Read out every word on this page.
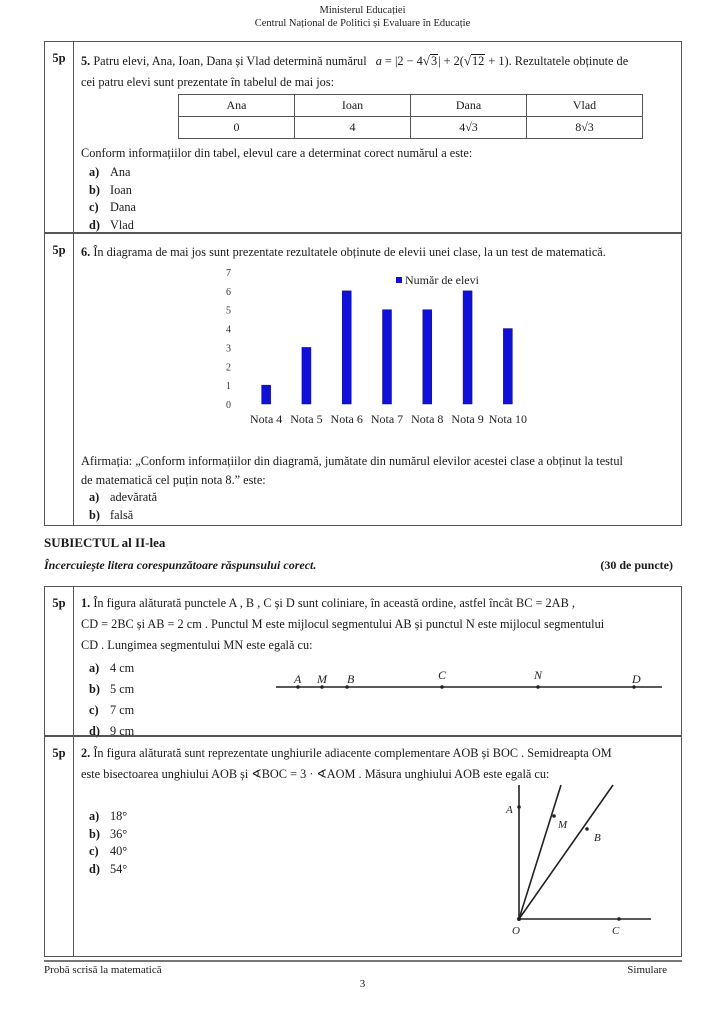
Ministerul Educației
Centrul Național de Politici și Evaluare în Educație
5p	5. Patru elevi, Ana, Ioan, Dana și Vlad determină numărul a = |2 − 4√3| + 2(√12 + 1). Rezultatele obținute de
cei patru elevi sunt prezentate în tabelul de mai jos:
Ana	Ioan	Dana	Vlad
0	4	4√3	8√3
Conform informațiilor din tabel, elevul care a determinat corect numărul a este:
a) Ana
b) Ioan
c) Dana
d) Vlad
5p	6. În diagrama de mai jos sunt prezentate rezultatele obținute de elevii unei clase, la un test de matematică.
0
1
2
3
4
5
6
7
Nota 4 Nota 5 Nota 6 Nota 7 Nota 8 Nota 9 Nota 10
Număr de elevi
Afirmația: „Conform informațiilor din diagramă, jumătate din numărul elevilor acestei clase a obținut la testul
de matematică cel puțin nota 8.” este:
a) adevărată
b) falsă
SUBIECTUL al II-lea
Încercuiește litera corespunzătoare răspunsului corect.	(30 de puncte)
5p	1. În figura alăturată punctele A , B , C și D sunt coliniare, în această ordine, astfel încât BC = 2AB ,
CD = 2BC și AB = 2 cm . Punctul M este mijlocul segmentului AB și punctul N este mijlocul segmentului
CD . Lungimea segmentului MN este egală cu:
a) 4 cm
b) 5 cm
c) 7 cm
d) 9 cm
A M B	C	N	D
5p	2. În figura alăturată sunt reprezentate unghiurile adiacente complementare AOB și BOC . Semidreapta OM
este bisectoarea unghiului AOB și ∢BOC = 3 · ∢AOM . Măsura unghiului AOB este egală cu:
a) 18°
b) 36°
c) 40°
d) 54°
A
M
B
O	C
Probă scrisă la matematică	Simulare
3
